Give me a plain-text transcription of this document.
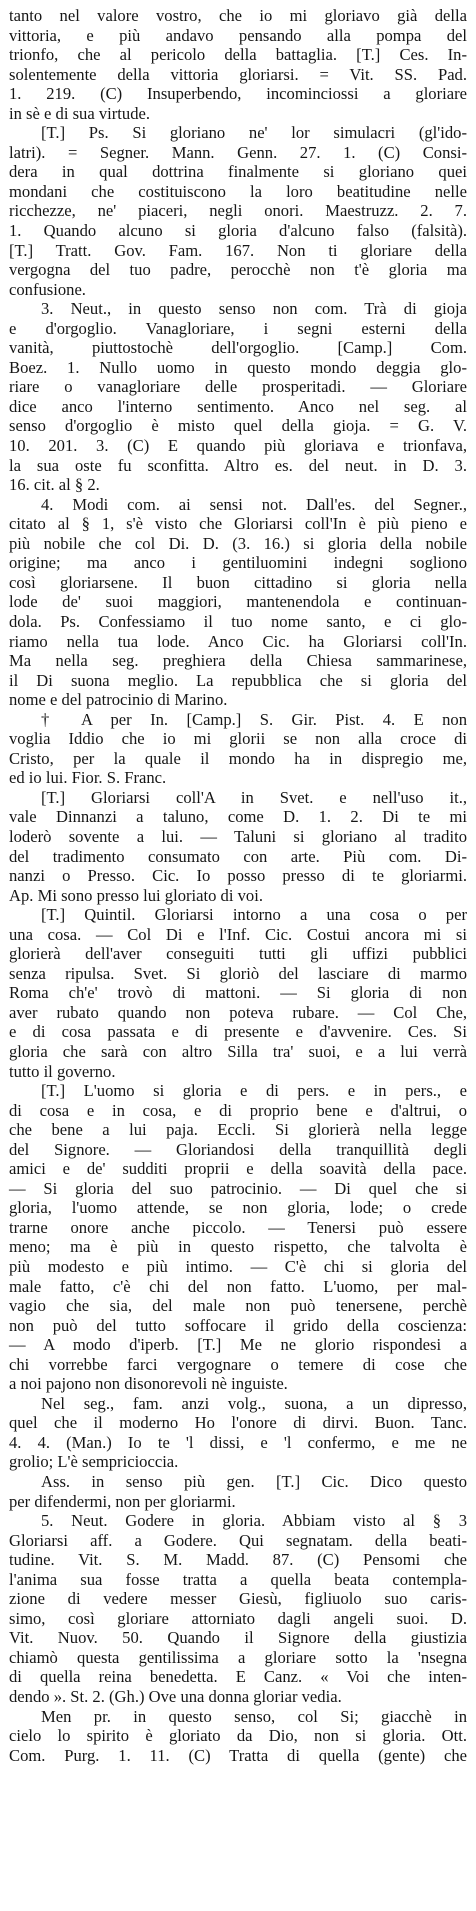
tanto nel valore vostro, che io mi gloriavo già della
vittoria, e più andavo pensando alla pompa del
trionfo, che al pericolo della battaglia. [T.] Ces. In-
solentemente della vittoria gloriarsi. = Vit. SS. Pad.
1. 219. (C) Insuperbendo, incominciossi a gloriare
in sè e di sua virtude.
[T.] Ps. Si gloriano ne' lor simulacri (gl'ido-
latri). = Segner. Mann. Genn. 27. 1. (C) Consi-
dera in qual dottrina finalmente si gloriano quei
mondani che costituiscono la loro beatitudine nelle
ricchezze, ne' piaceri, negli onori. Maestruzz. 2. 7.
1. Quando alcuno si gloria d'alcuno falso (falsità).
[T.] Tratt. Gov. Fam. 167. Non ti gloriare della
vergogna del tuo padre, perocchè non t'è gloria ma
confusione.
3. Neut., in questo senso non com. Trà di gioja
e d'orgoglio. Vanagloriare, i segni esterni della
vanità, piuttostochè dell'orgoglio. [Camp.] Com.
Boez. 1. Nullo uomo in questo mondo deggia glo-
riare o vanagloriare delle prosperitadi. — Gloriare
dice anco l'interno sentimento. Anco nel seg. al
senso d'orgoglio è misto quel della gioja. = G. V.
10. 201. 3. (C) E quando più gloriava e trionfava,
la sua oste fu sconfitta. Altro es. del neut. in D. 3.
16. cit. al § 2.
4. Modi com. ai sensi not. Dall'es. del Segner.,
citato al § 1, s'è visto che Gloriarsi coll'In è più pieno e
più nobile che col Di. D. (3. 16.) si gloria della nobile
origine; ma anco i gentiluomini indegni sogliono
così gloriarsene. Il buon cittadino si gloria nella
lode de' suoi maggiori, mantenendola e continuan-
dola. Ps. Confessiamo il tuo nome santo, e ci glo-
riamo nella tua lode. Anco Cic. ha Gloriarsi coll'In.
Ma nella seg. preghiera della Chiesa sammarinese,
il Di suona meglio. La repubblica che si gloria del
nome e del patrocinio di Marino.
† A per In. [Camp.] S. Gir. Pist. 4. E non
voglia Iddio che io mi glorii se non alla croce di
Cristo, per la quale il mondo ha in dispregio me,
ed io lui. Fior. S. Franc.
[T.] Gloriarsi coll'A in Svet. e nell'uso it.,
vale Dinnanzi a taluno, come D. 1. 2. Di te mi
loderò sovente a lui. — Taluni si gloriano al tradito
del tradimento consumato con arte. Più com. Di-
nanzi o Presso. Cic. Io posso presso di te gloriarmi.
Ap. Mi sono presso lui gloriato di voi.
[T.] Quintil. Gloriarsi intorno a una cosa o per
una cosa. — Col Di e l'Inf. Cic. Costui ancora mi si
glorierà dell'aver conseguiti tutti gli uffizi pubblici
senza ripulsa. Svet. Si gloriò del lasciare di marmo
Roma ch'e' trovò di mattoni. — Si gloria di non
aver rubato quando non poteva rubare. — Col Che,
e di cosa passata e di presente e d'avvenire. Ces. Si
gloria che sarà con altro Silla tra' suoi, e a lui verrà
tutto il governo.
[T.] L'uomo si gloria e di pers. e in pers., e
di cosa e in cosa, e di proprio bene e d'altrui, o
che bene a lui paja. Eccli. Si glorierà nella legge
del Signore. — Gloriandosi della tranquillità degli
amici e de' sudditi proprii e della soavità della pace.
— Si gloria del suo patrocinio. — Di quel che si
gloria, l'uomo attende, se non gloria, lode; o crede
trarne onore anche piccolo. — Tenersi può essere
meno; ma è più in questo rispetto, che talvolta è
più modesto e più intimo. — C'è chi si gloria del
male fatto, c'è chi del non fatto. L'uomo, per mal-
vagio che sia, del male non può tenersene, perchè
non può del tutto soffocare il grido della coscienza:
— A modo d'iperb. [T.] Me ne glorio rispondesi a
chi vorrebbe farci vergognare o temere di cose che
a noi pajono non disonorevoli nè inguiste.
Nel seg., fam. anzi volg., suona, a un dipresso,
quel che il moderno Ho l'onore di dirvi. Buon. Tanc.
4. 4. (Man.) Io te 'l dissi, e 'l confermo, e me ne
grolio; L'è sempricioccia.
Ass. in senso più gen. [T.] Cic. Dico questo
per difendermi, non per gloriarmi.
5. Neut. Godere in gloria. Abbiam visto al § 3
Gloriarsi aff. a Godere. Qui segnatam. della beati-
tudine. Vit. S. M. Madd. 87. (C) Pensomi che
l'anima sua fosse tratta a quella beata contempla-
zione di vedere messer Giesù, figliuolo suo caris-
simo, così gloriare attorniato dagli angeli suoi. D.
Vit. Nuov. 50. Quando il Signore della giustizia
chiamò questa gentilissima a gloriare sotto la 'nsegna
di quella reina benedetta. E Canz. « Voi che inten-
dendo ». St. 2. (Gh.) Ove una donna gloriar vedia.
Men pr. in questo senso, col Si; giacchè in
cielo lo spirito è gloriato da Dio, non si gloria. Ott.
Com. Purg. 1. 11. (C) Tratta di quella (gente) che
